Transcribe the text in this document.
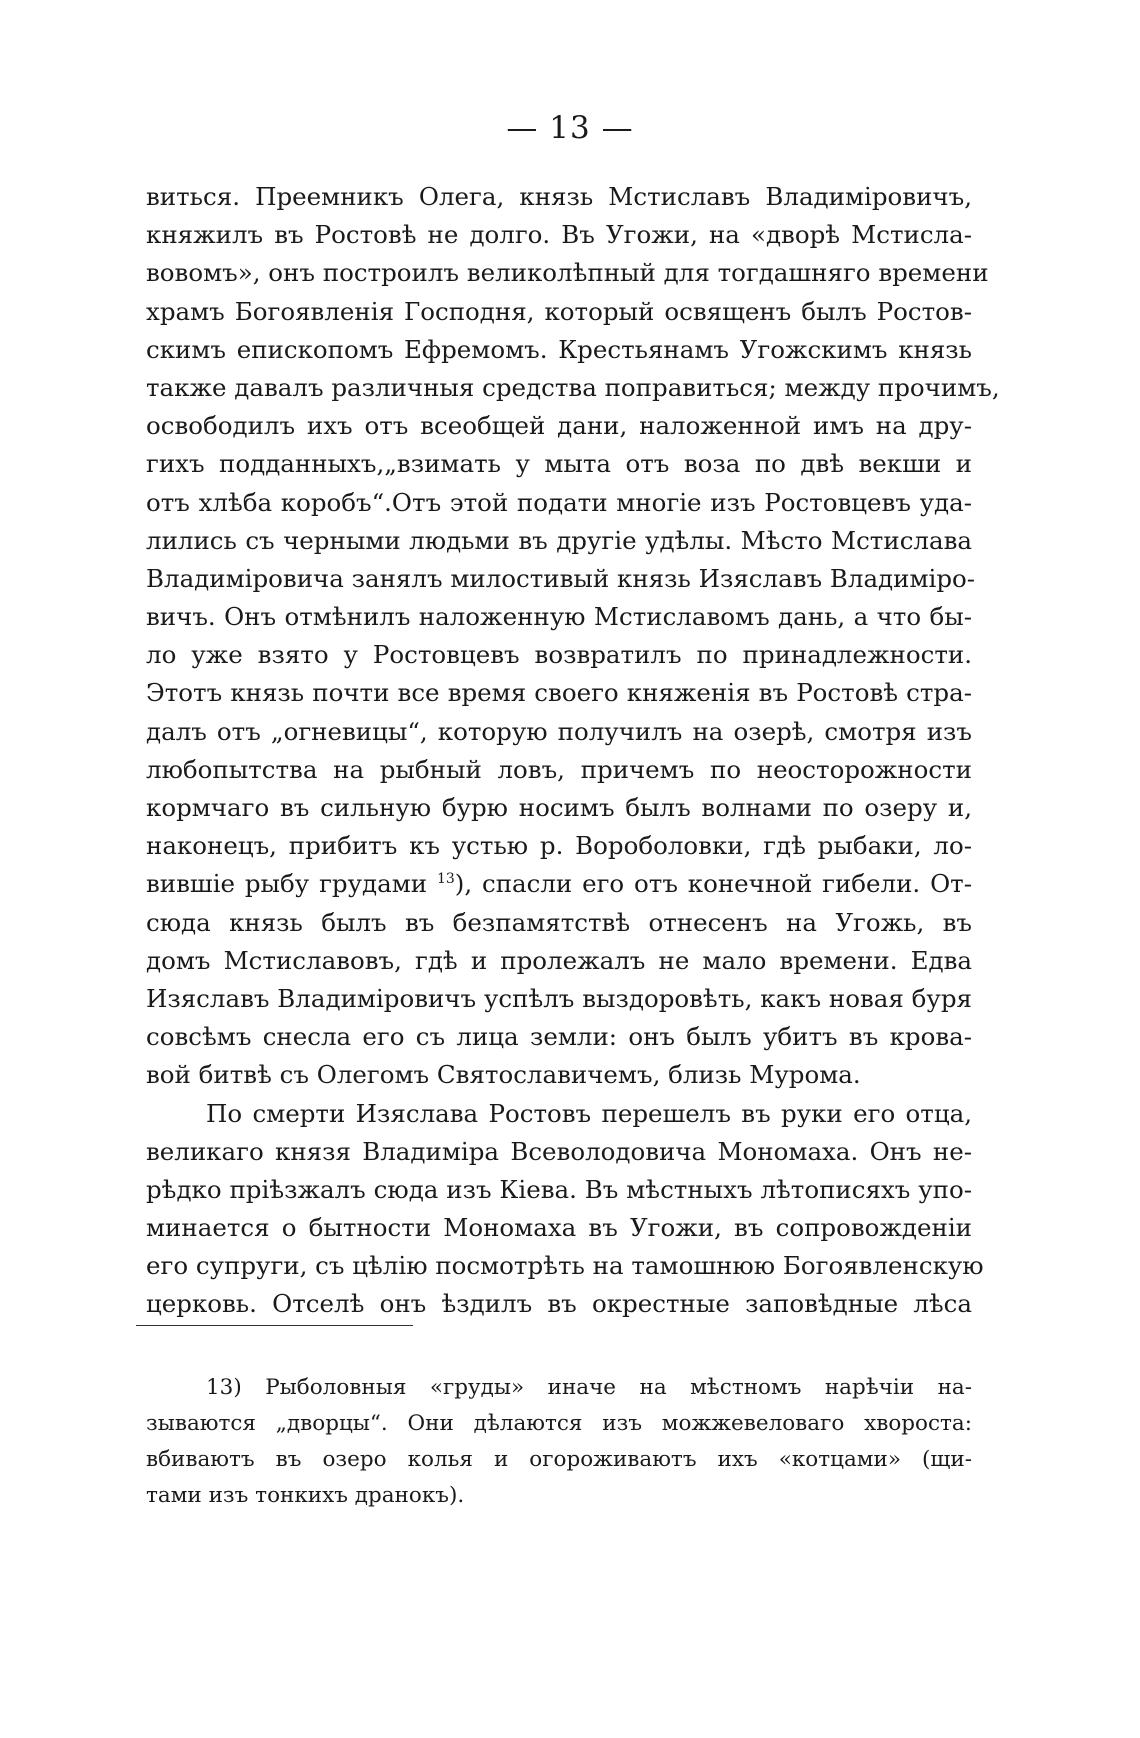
— 13 —
виться. Преемникъ Олега, князь Мстиславъ Владиміровичъ,
княжилъ въ Ростовѣ не долго. Въ Угожи, на «дворѣ Мстисла-
вовомъ», онъ построилъ великолѣпный для тогдашняго времени
храмъ Богоявленія Господня, который освященъ былъ Ростов-
скимъ епископомъ Ефремомъ. Крестьянамъ Угожскимъ князь
также давалъ различныя средства поправиться; между прочимъ,
освободилъ ихъ отъ всеобщей дани, наложенной имъ на дру-
гихъ подданныхъ,„взимать у мыта отъ воза по двѣ векши и
отъ хлѣба коробъ“.Отъ этой подати многіе изъ Ростовцевъ уда-
лились съ черными людьми въ другіе удѣлы. Мѣсто Мстислава
Владиміровича занялъ милостивый князь Изяславъ Владиміро-
вичъ. Онъ отмѣнилъ наложенную Мстиславомъ дань, а что бы-
ло уже взято у Ростовцевъ возвратилъ по принадлежности.
Этотъ князь почти все время своего княженія въ Ростовѣ стра-
далъ отъ „огневицы“, которую получилъ на озерѣ, смотря изъ
любопытства на рыбный ловъ, причемъ по неосторожности
кормчаго въ сильную бурю носимъ былъ волнами по озеру и,
наконецъ, прибитъ къ устью р. Воробoловки, гдѣ рыбаки, ло-
вившіе рыбу грудами $^{13}$), спасли его отъ конечной гибели. От-
сюда князь былъ въ безпамятствѣ отнесенъ на Угожь, въ
домъ Мстиславовъ, гдѣ и пролежалъ не мало времени. Едва
Изяславъ Владиміровичъ успѣлъ выздоровѣть, какъ новая буря
совсѣмъ снесла его съ лица земли: онъ былъ убитъ въ крова-
вой битвѣ съ Олегомъ Святославичемъ, близь Мурома.
По смерти Изяслава Ростовъ перешелъ въ руки его отца,
великаго князя Владиміра Всеволодовича Мономаха. Онъ не-
рѣдко пріѣзжалъ сюда изъ Кіева. Въ мѣстныхъ лѣтописяхъ упо-
минается о бытности Мономаха въ Угожи, въ сопровожденіи
его супруги, съ цѣлію посмотрѣть на тамошнюю Богоявленскую
церковь. Отселѣ онъ ѣздилъ въ окрестные заповѣдные лѣса
13) Рыболовныя «груды» иначе на мѣстномъ нарѣчіи на-
зываются „дворцы“. Они дѣлаются изъ можжевеловаго хвороста:
вбиваютъ въ озеро колья и огороживаютъ ихъ «котцами» (щи-
тами изъ тонкихъ дранокъ).
